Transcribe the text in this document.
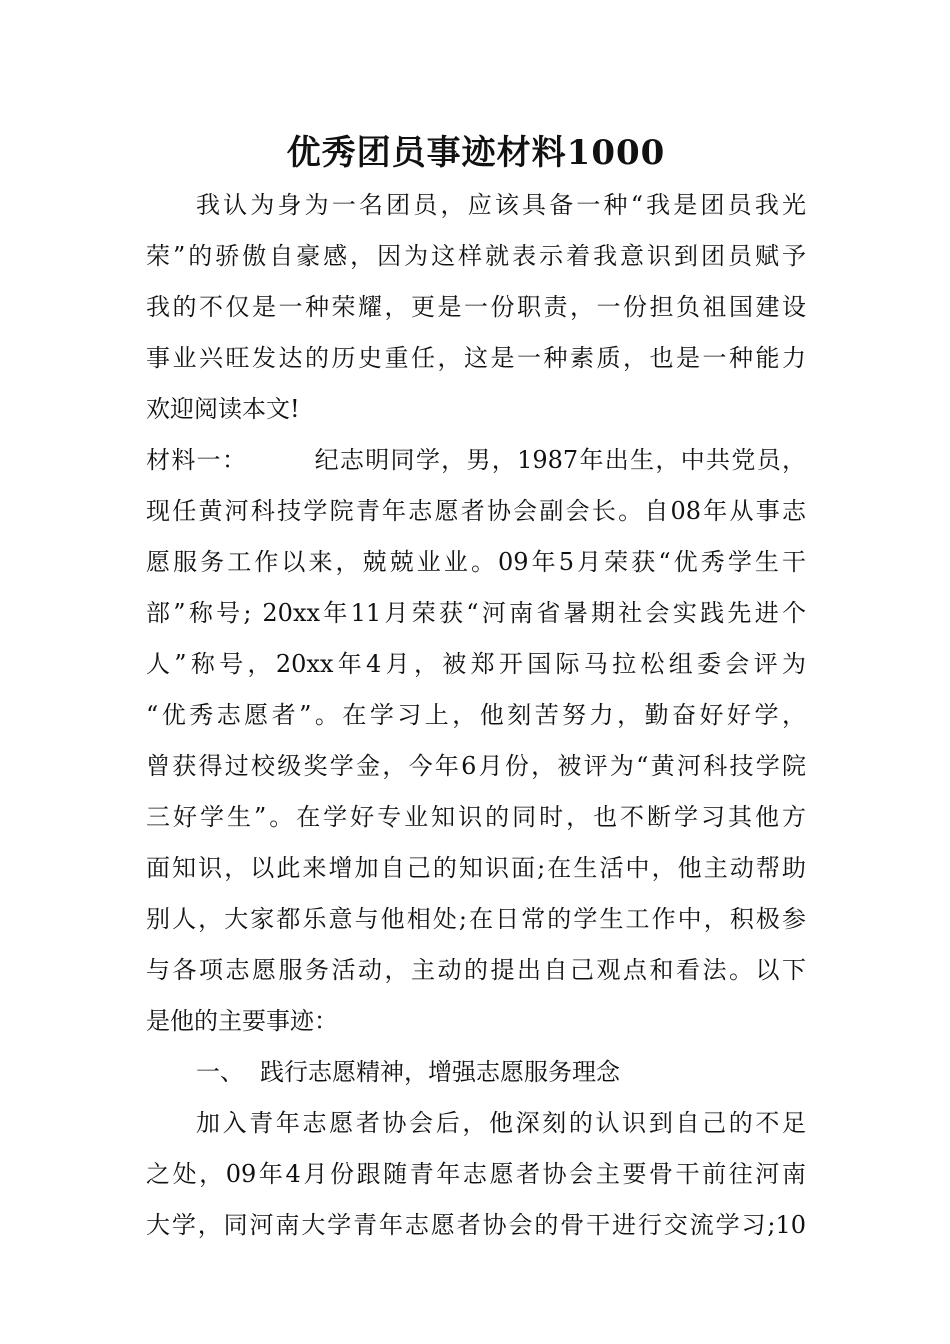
优秀团员事迹材料1000
我认为身为一名团员，应该具备一种“我是团员我光
荣”的骄傲自豪感，因为这样就表示着我意识到团员赋予
我的不仅是一种荣耀，更是一份职责，一份担负祖国建设
事业兴旺发达的历史重任，这是一种素质，也是一种能力
欢迎阅读本文!
材料一：	纪志明同学，男，1987年出生，中共党员，
现任黄河科技学院青年志愿者协会副会长。自08年从事志
愿服务工作以来，兢兢业业。09年5月荣获“优秀学生干
部”称号; 20xx年11月荣获“河南省暑期社会实践先进个
人”称号，20xx年4月，被郑开国际马拉松组委会评为
“优秀志愿者”。在学习上，他刻苦努力，勤奋好好学，
曾获得过校级奖学金，今年6月份，被评为“黄河科技学院
三好学生”。在学好专业知识的同时，也不断学习其他方
面知识，以此来增加自己的知识面;在生活中，他主动帮助
别人，大家都乐意与他相处;在日常的学生工作中，积极参
与各项志愿服务活动，主动的提出自己观点和看法。以下
是他的主要事迹：
一、 践行志愿精神，增强志愿服务理念
加入青年志愿者协会后，他深刻的认识到自己的不足
之处，09年4月份跟随青年志愿者协会主要骨干前往河南
大学，同河南大学青年志愿者协会的骨干进行交流学习;10
